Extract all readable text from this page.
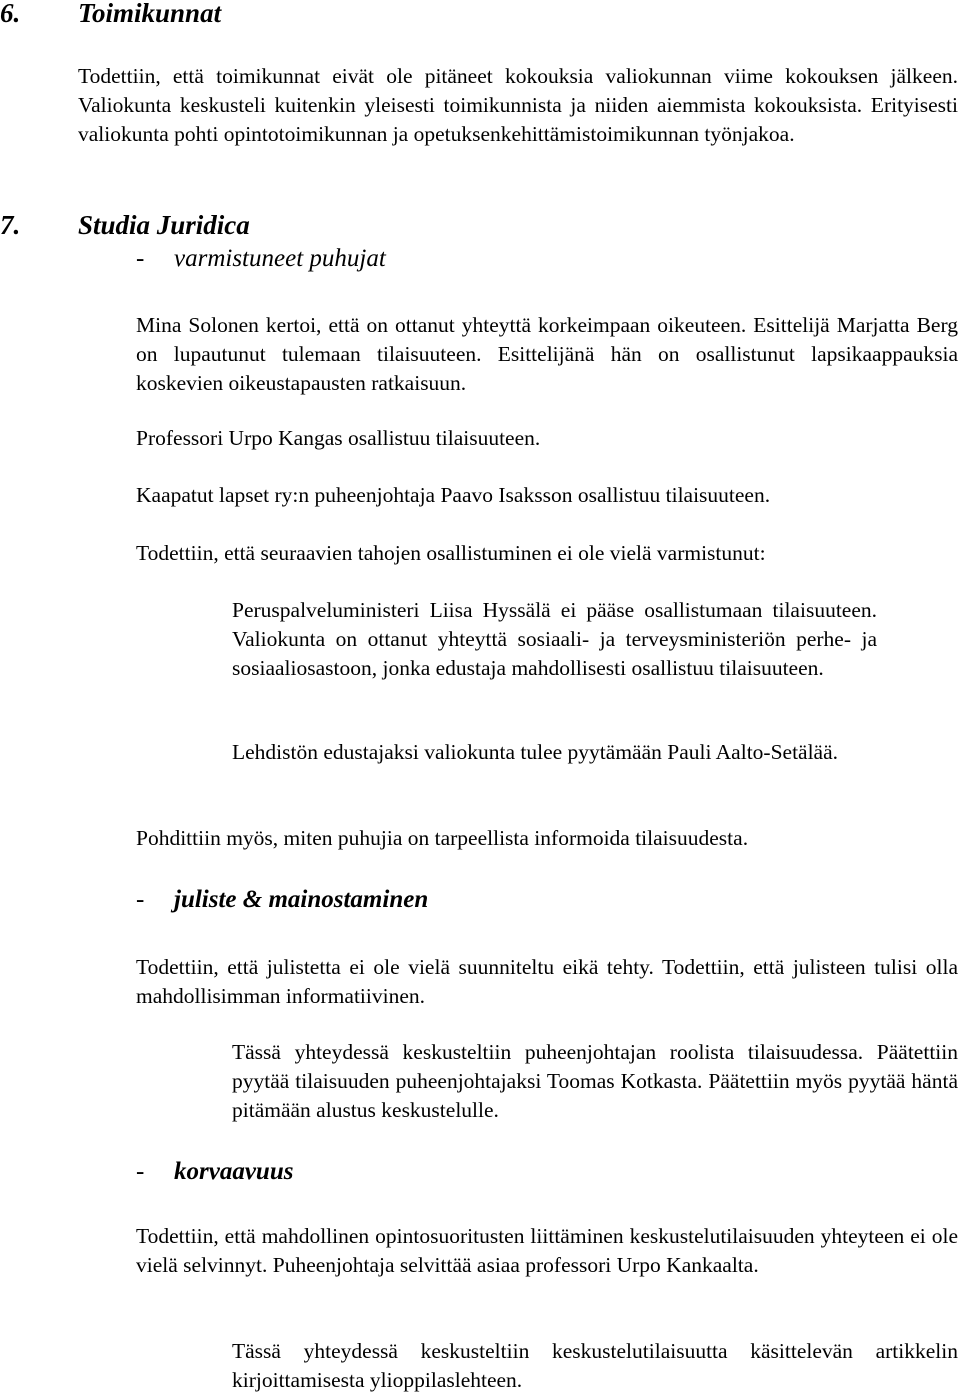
6. Toimikunnat

Todettiin, että toimikunnat eivät ole pitäneet kokouksia valiokunnan viime kokouksen jälkeen. Valiokunta keskusteli kuitenkin yleisesti toimikunnista ja niiden aiemmista kokouksista. Erityisesti valiokunta pohti opintotoimikunnan ja opetuksenkehittämistoimikunnan työnjakoa.

7. Studia Juridica
- varmistuneet puhujat

Mina Solonen kertoi, että on ottanut yhteyttä korkeimpaan oikeuteen. Esittelijä Marjatta Berg on lupautunut tulemaan tilaisuuteen. Esittelijänä hän on osallistunut lapsikaappauksia koskevien oikeustapausten ratkaisuun.

Professori Urpo Kangas osallistuu tilaisuuteen.

Kaapatut lapset ry:n puheenjohtaja Paavo Isaksson osallistuu tilaisuuteen.

Todettiin, että seuraavien tahojen osallistuminen ei ole vielä varmistunut:

Peruspalveluministeri Liisa Hyssälä ei pääse osallistumaan tilaisuuteen. Valiokunta on ottanut yhteyttä sosiaali- ja terveysministeriön perhe- ja sosiaaliosastoon, jonka edustaja mahdollisesti osallistuu tilaisuuteen.

Lehdistön edustajaksi valiokunta tulee pyytämään Pauli Aalto-Setälää.

Pohdittiin myös, miten puhujia on tarpeellista informoida tilaisuudesta.

- juliste & mainostaminen

Todettiin, että julistetta ei ole vielä suunniteltu eikä tehty. Todettiin, että julisteen tulisi olla mahdollisimman informatiivinen.

Tässä yhteydessä keskusteltiin puheenjohtajan roolista tilaisuudessa. Päätettiin pyytää tilaisuuden puheenjohtajaksi Toomas Kotkasta. Päätettiin myös pyytää häntä pitämään alustus keskustelulle.

- korvaavuus

Todettiin, että mahdollinen opintosuoritusten liittäminen keskustelutilaisuuden yhteyteen ei ole vielä selvinnyt. Puheenjohtaja selvittää asiaa professori Urpo Kankaalta.

Tässä yhteydessä keskusteltiin keskustelutilaisuutta käsittelevän artikkelin kirjoittamisesta ylioppilaslehteen.
